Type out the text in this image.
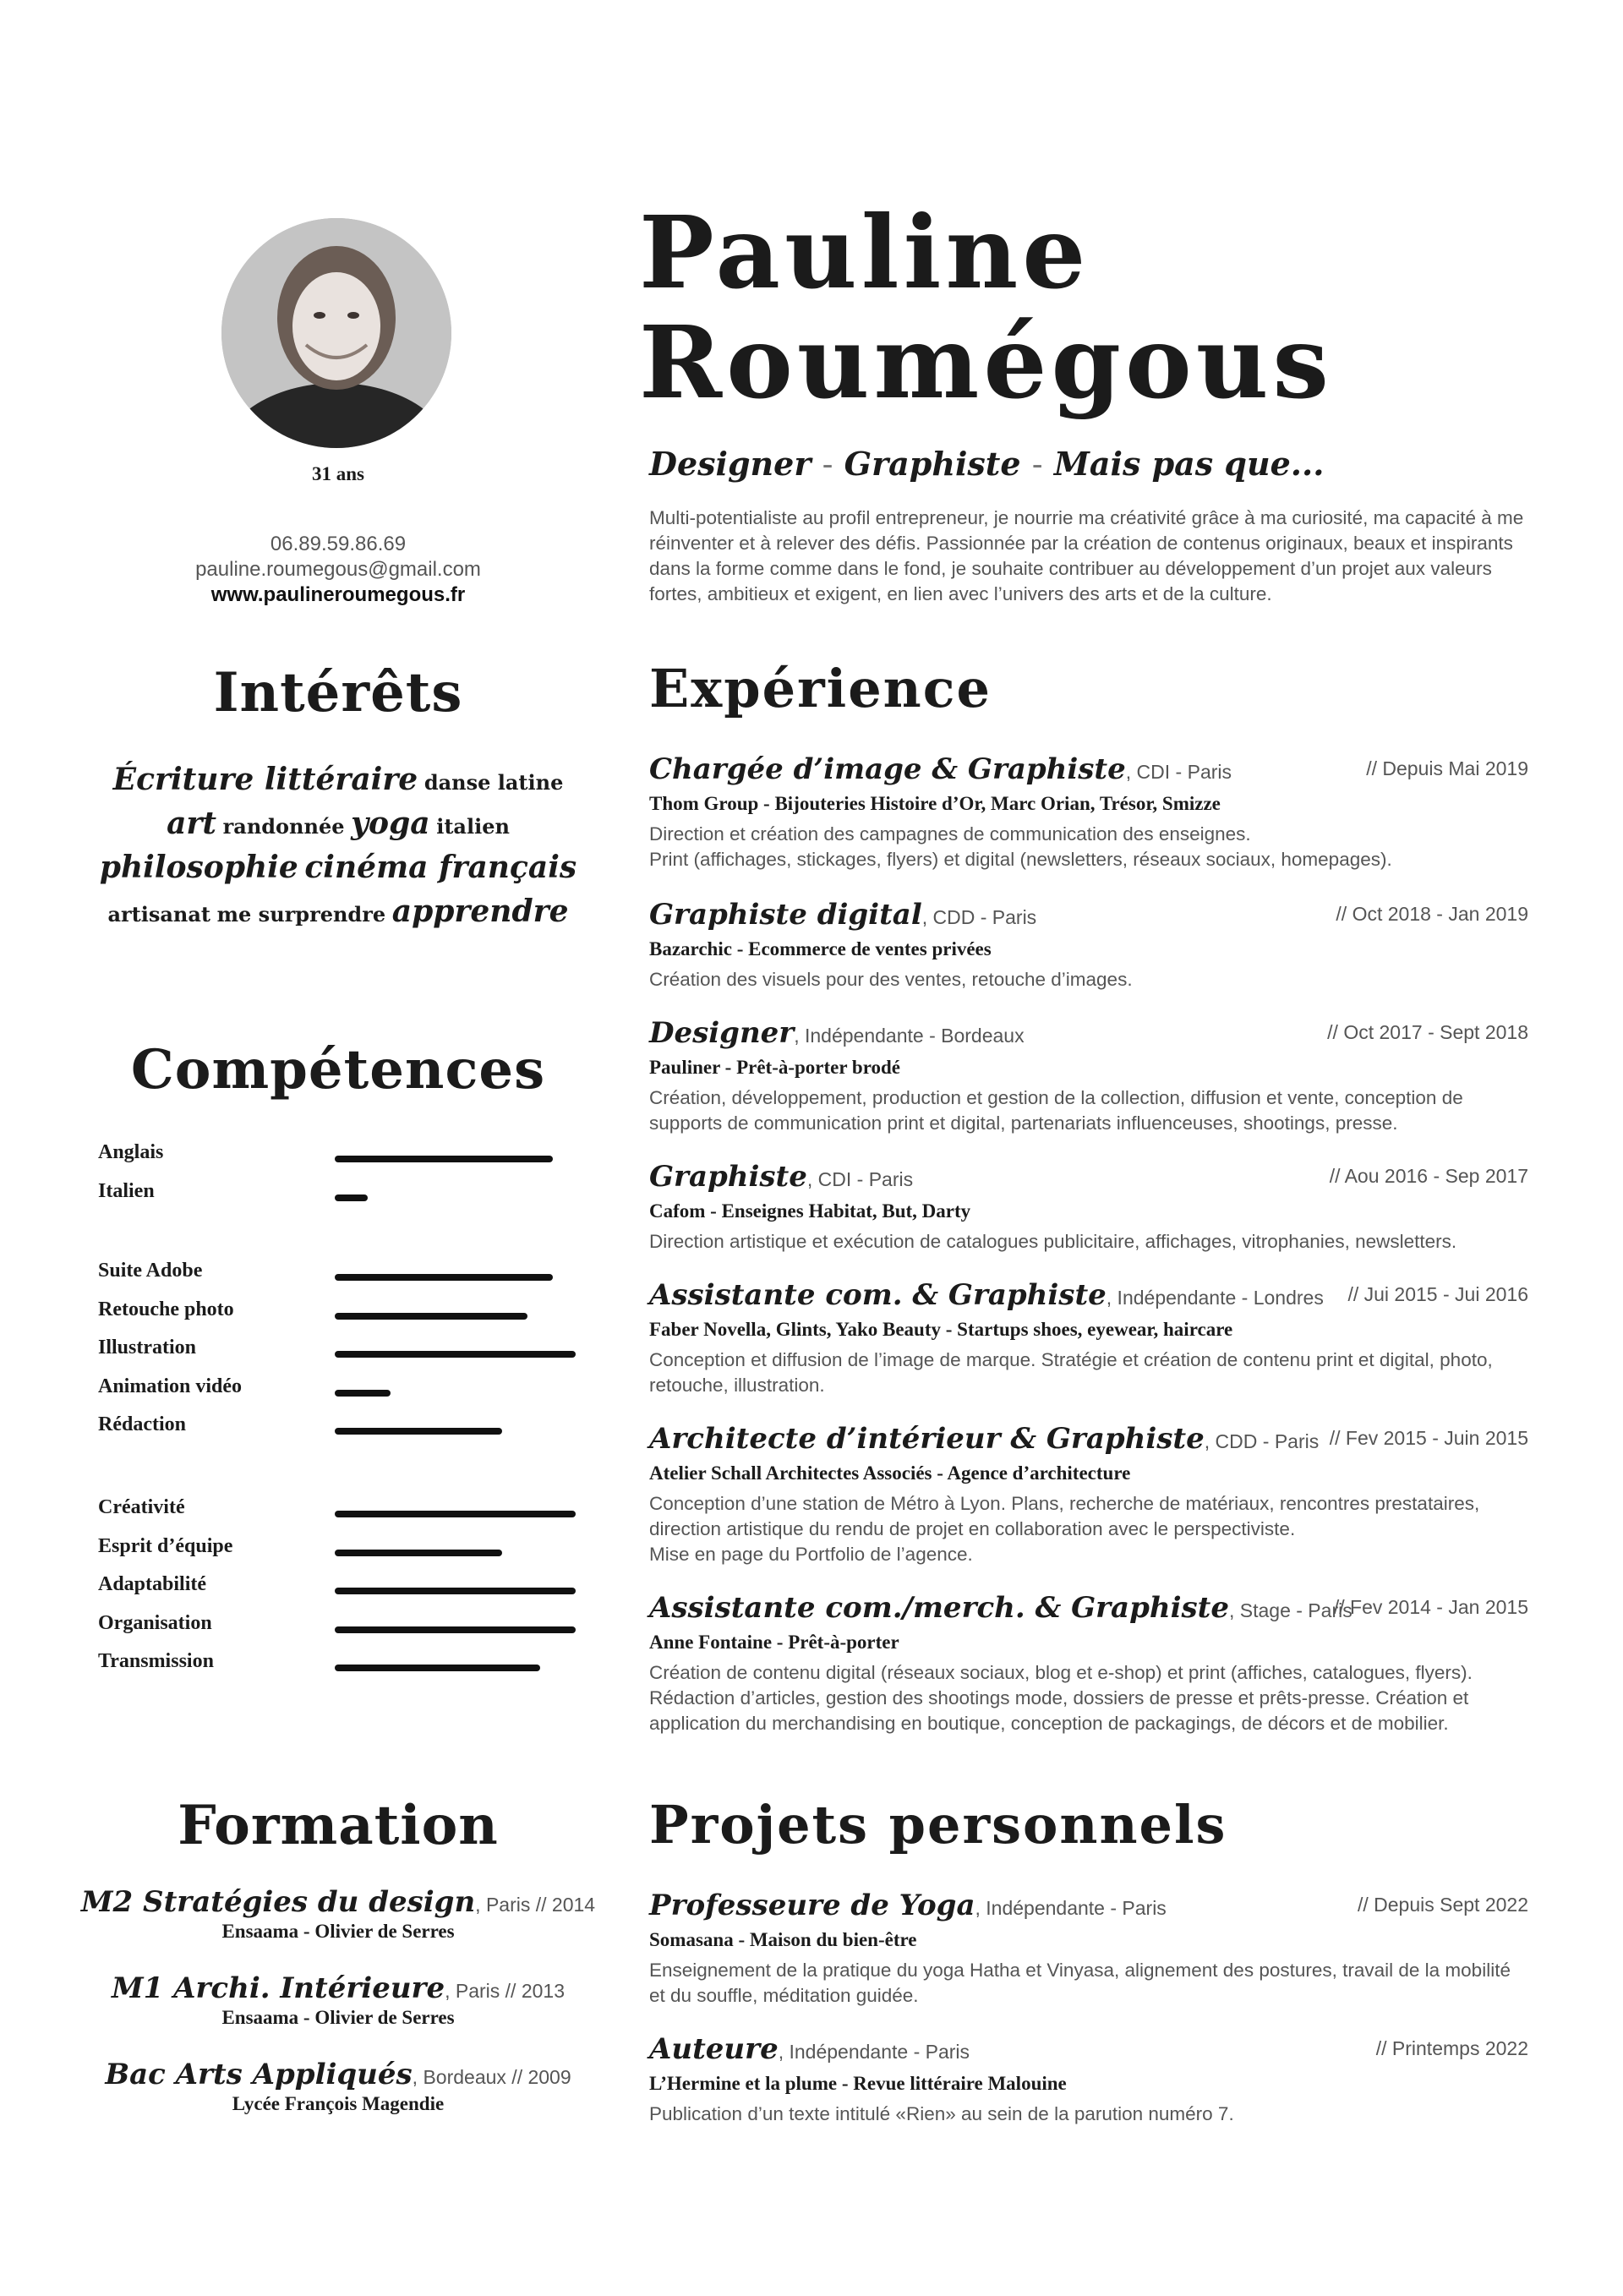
31 ans
06.89.59.86.69
pauline.roumegous@gmail.com
www.paulineroumegous.fr
Intérêts
Écriture littéraire danse latine art randonnée yoga italien philosophie cinéma français artisanat me surprendre apprendre
Compétences
Anglais
Italien
Suite Adobe
Retouche photo
Illustration
Animation vidéo
Rédaction
Créativité
Esprit d’équipe
Adaptabilité
Organisation
Transmission
Formation
M2 Stratégies du design, Paris // 2014
Ensaama - Olivier de Serres
M1 Archi. Intérieure, Paris // 2013
Ensaama - Olivier de Serres
Bac Arts Appliqués, Bordeaux // 2009
Lycée François Magendie
Pauline
Roumégous
Designer - Graphiste - Mais pas que...
Multi-potentialiste au profil entrepreneur, je nourrie ma créativité grâce à ma curiosité, ma capacité à me réinventer et à relever des défis. Passionnée par la création de contenus originaux, beaux et inspirants dans la forme comme dans le fond, je souhaite contribuer au développement d’un projet aux valeurs fortes, ambitieux et exigent, en lien avec l’univers des arts et de la culture.
Expérience
Chargée d’image & Graphiste, CDI - Paris	// Depuis Mai 2019
Thom Group - Bijouteries Histoire d’Or, Marc Orian, Trésor, Smizze
Direction et création des campagnes de communication des enseignes.
Print (affichages, stickages, flyers) et digital (newsletters, réseaux sociaux, homepages).
Graphiste digital, CDD - Paris	// Oct 2018 - Jan 2019
Bazarchic - Ecommerce de ventes privées
Création des visuels pour des ventes, retouche d’images.
Designer, Indépendante - Bordeaux	// Oct 2017 - Sept 2018
Pauliner - Prêt-à-porter brodé
Création, développement, production et gestion de la collection, diffusion et vente, conception de supports de communication print et digital, partenariats influenceuses, shootings, presse.
Graphiste, CDI - Paris	// Aou 2016 - Sep 2017
Cafom - Enseignes Habitat, But, Darty
Direction artistique et exécution de catalogues publicitaire, affichages, vitrophanies, newsletters.
Assistante com. & Graphiste, Indépendante - Londres // Jui 2015 - Jui 2016
Faber Novella, Glints, Yako Beauty - Startups shoes, eyewear, haircare
Conception et diffusion de l’image de marque. Stratégie et création de contenu print et digital, photo, retouche, illustration.
Architecte d’intérieur & Graphiste, CDD - Paris // Fev 2015 - Juin 2015
Atelier Schall Architectes Associés - Agence d’architecture
Conception d’une station de Métro à Lyon. Plans, recherche de matériaux, rencontres prestataires, direction artistique du rendu de projet en collaboration avec le perspectiviste.
Mise en page du Portfolio de l’agence.
Assistante com./merch. & Graphiste, Stage - Paris
// Fev 2014 - Jan 2015
Anne Fontaine - Prêt-à-porter
Création de contenu digital (réseaux sociaux, blog et e-shop) et print (affiches, catalogues, flyers). Rédaction d’articles, gestion des shootings mode, dossiers de presse et prêts-presse. Création et application du merchandising en boutique, conception de packagings, de décors et de mobilier.
Projets personnels
Professeure de Yoga, Indépendante - Paris	// Depuis Sept 2022
Somasana - Maison du bien-être
Enseignement de la pratique du yoga Hatha et Vinyasa, alignement des postures, travail de la mobilité et du souffle, méditation guidée.
Auteure, Indépendante - Paris	// Printemps 2022
L’Hermine et la plume - Revue littéraire Malouine
Publication d’un texte intitulé «Rien» au sein de la parution numéro 7.
